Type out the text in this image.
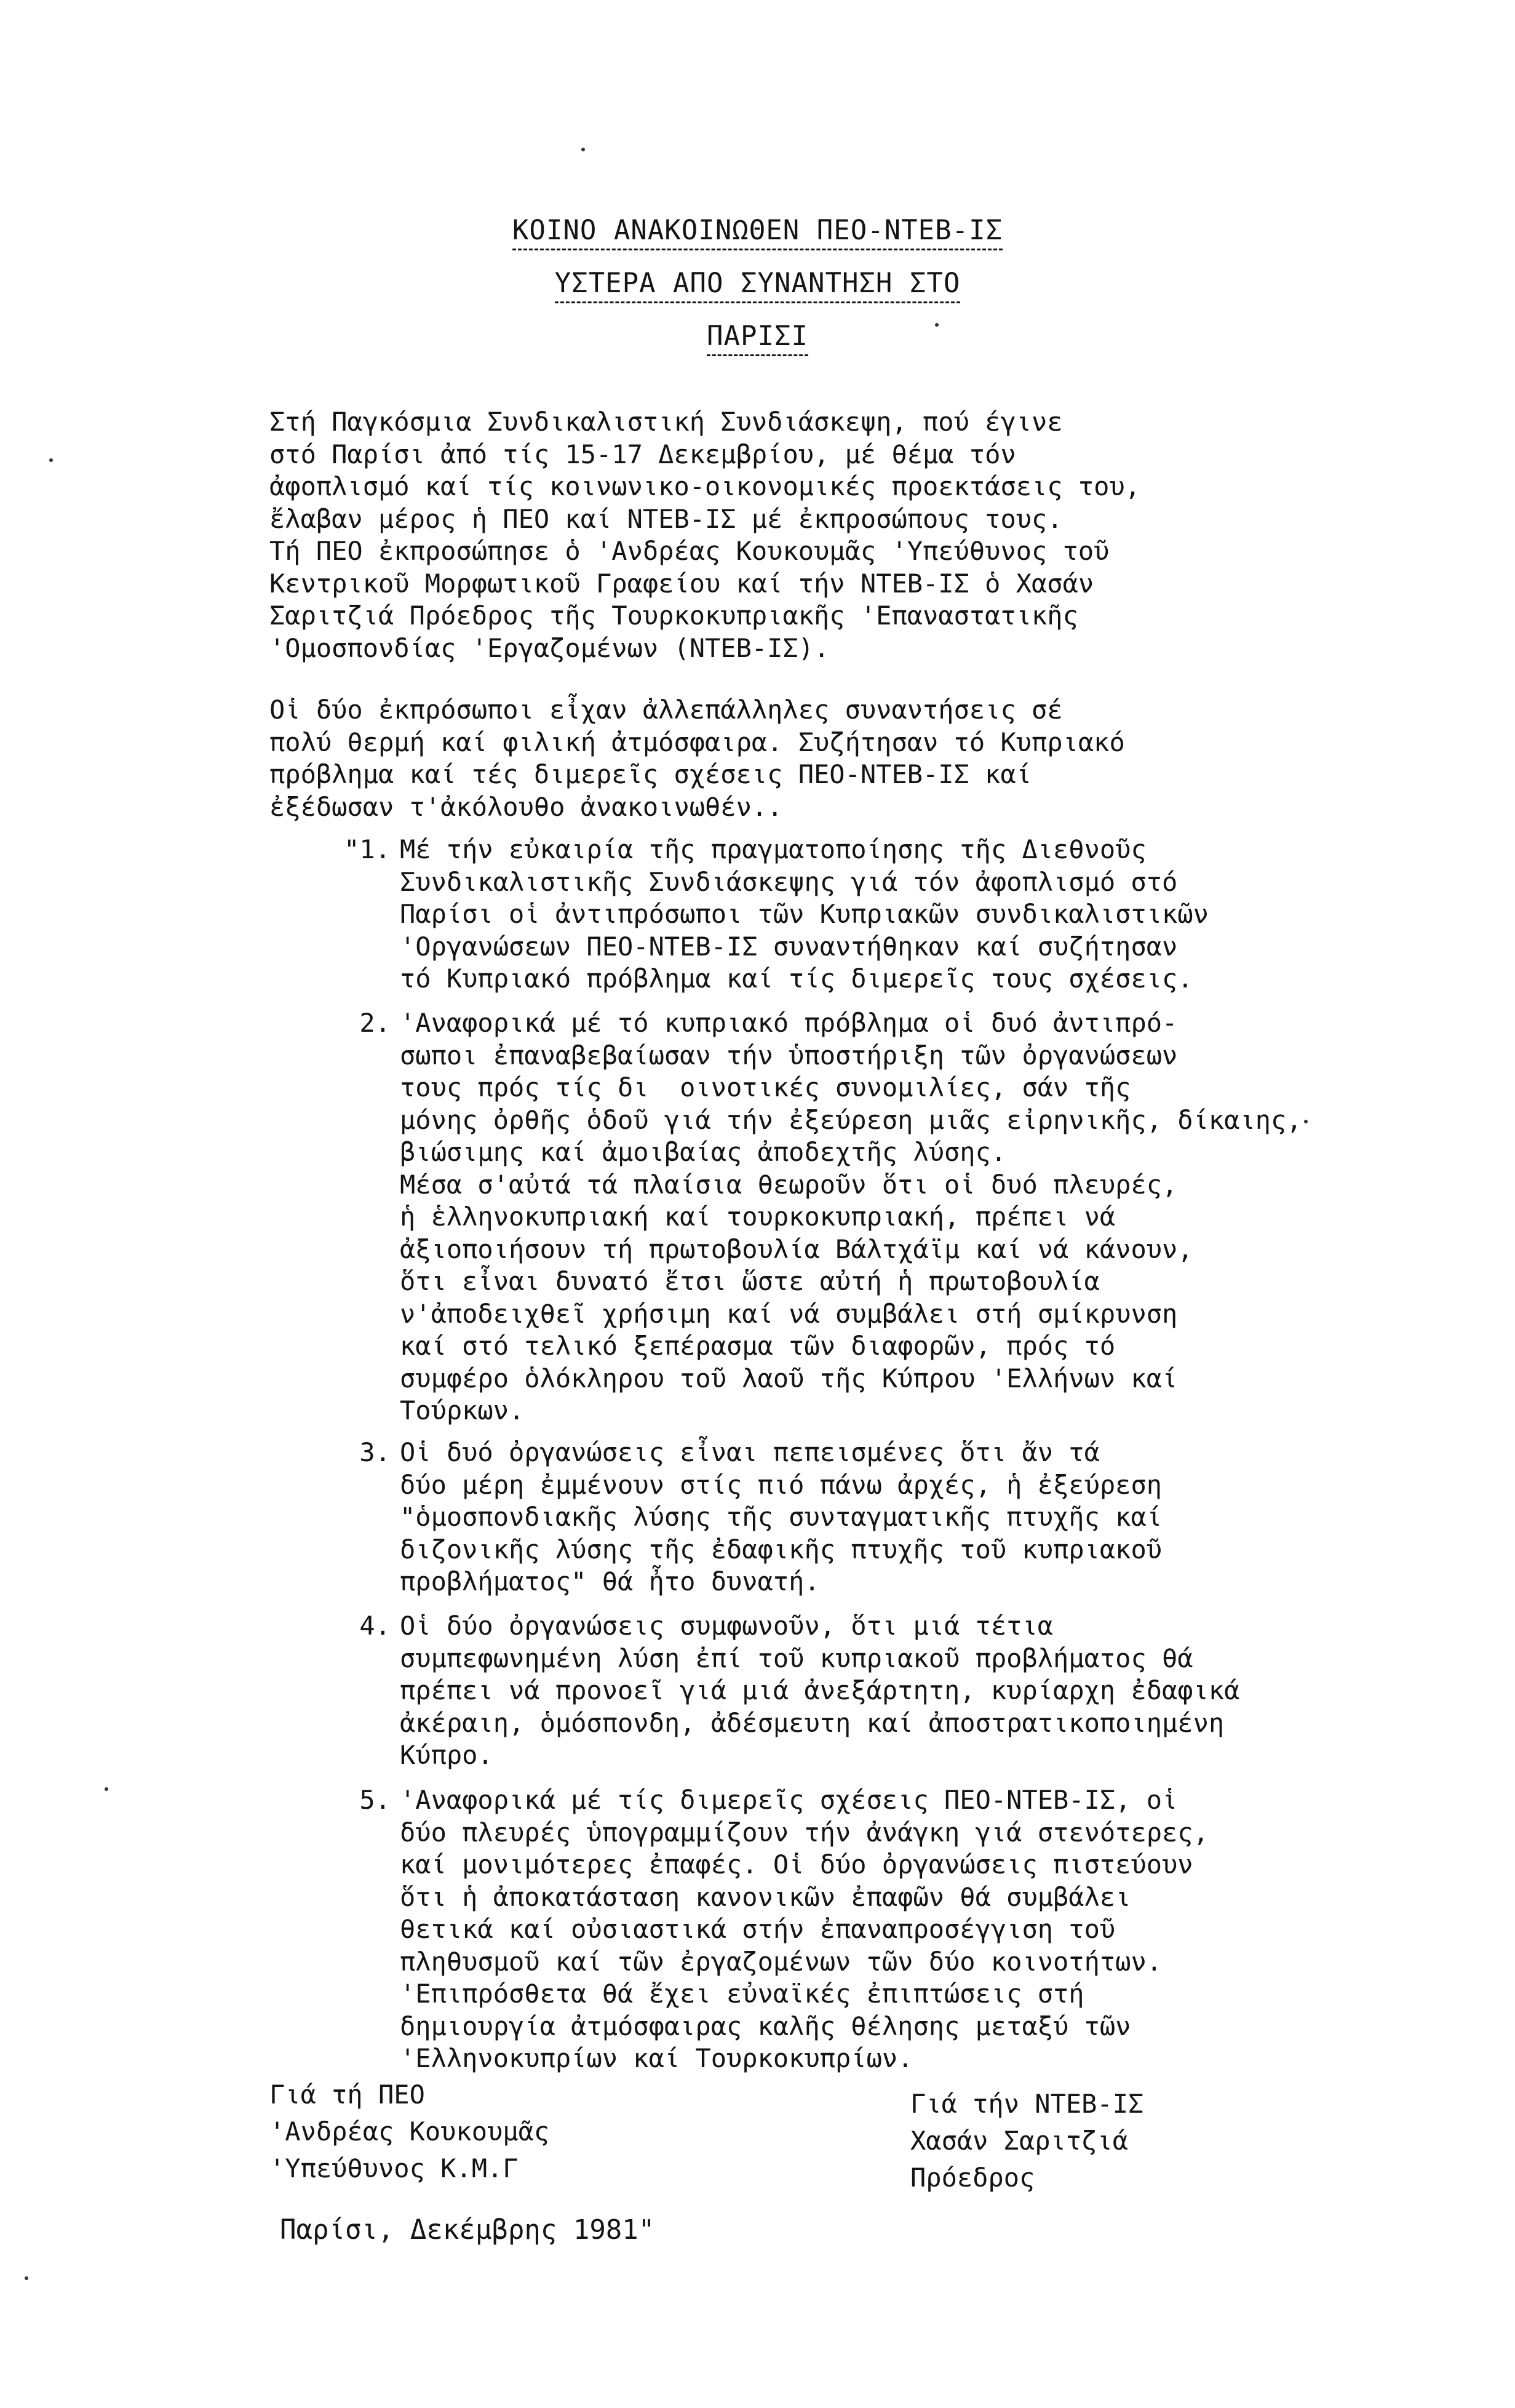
ΚΟΙΝΟ ΑΝΑΚΟΙΝΩΘΕΝ ΠΕΟ-ΝΤΕΒ-ΙΣ
ΥΣΤΕΡΑ ΑΠΟ ΣΥΝΑΝΤΗΣΗ ΣΤΟ
ΠΑΡΙΣΙ

Στή Παγκόσμια Συνδικαλιστική Συνδιάσκεψη, πού έγινε
στό Παρίσι ἀπό τίς 15-17 Δεκεμβρίου, μέ θέμα τόν
ἀφοπλισμό καί τίς κοινωνικο-οικονομικές προεκτάσεις του,
ἔλαβαν μέρος ἡ ΠΕΟ καί ΝΤΕΒ-ΙΣ μέ ἐκπροσώπους τους.
Τή ΠΕΟ ἐκπροσώπησε ὁ 'Ανδρέας Κουκουμᾶς 'Υπεύθυνος τοῦ
Κεντρικοῦ Μορφωτικοῦ Γραφείου καί τήν ΝΤΕΒ-ΙΣ ὁ Χασάν
Σαριτζιά Πρόεδρος τῆς Τουρκοκυπριακῆς 'Επαναστατικῆς
'Ομοσπονδίας 'Εργαζομένων (ΝΤΕΒ-ΙΣ).

Οἱ δύο ἐκπρόσωποι εἶχαν ἀλλεπάλληλες συναντήσεις σέ
πολύ θερμή καί φιλική ἀτμόσφαιρα. Συζήτησαν τό Κυπριακό
πρόβλημα καί τές διμερεῖς σχέσεις ΠΕΟ-ΝΤΕΒ-ΙΣ καί
ἐξέδωσαν τ'ἀκόλουθο ἀνακοινωθέν..

"1. Μέ τήν εὐκαιρία τῆς πραγματοποίησης τῆς Διεθνοῦς
Συνδικαλιστικῆς Συνδιάσκεψης γιά τόν ἀφοπλισμό στό
Παρίσι οἱ ἀντιπρόσωποι τῶν Κυπριακῶν συνδικαλιστικῶν
'Οργανώσεων ΠΕΟ-ΝΤΕΒ-ΙΣ συναντήθηκαν καί συζήτησαν
τό Κυπριακό πρόβλημα καί τίς διμερεῖς τους σχέσεις.
2. 'Αναφορικά μέ τό κυπριακό πρόβλημα οἱ δυό ἀντιπρό-
σωποι ἐπαναβεβαίωσαν τήν ὑποστήριξη τῶν ὀργανώσεων
τους πρός τίς δι  οινοτικές συνομιλίες, σάν τῆς
μόνης ὀρθῆς ὁδοῦ γιά τήν ἐξεύρεση μιᾶς εἰρηνικῆς, δίκαιης,
βιώσιμης καί ἀμοιβαίας ἀποδεχτῆς λύσης.
Μέσα σ'αὐτά τά πλαίσια θεωροῦν ὅτι οἱ δυό πλευρές,
ἡ ἑλληνοκυπριακή καί τουρκοκυπριακή, πρέπει νά
ἀξιοποιήσουν τή πρωτοβουλία Βάλτχάϊμ καί νά κάνουν,
ὅτι εἶναι δυνατό ἔτσι ὥστε αὐτή ἡ πρωτοβουλία
ν'ἀποδειχθεῖ χρήσιμη καί νά συμβάλει στή σμίκρυνση
καί στό τελικό ξεπέρασμα τῶν διαφορῶν, πρός τό
συμφέρο ὁλόκληρου τοῦ λαοῦ τῆς Κύπρου 'Ελλήνων καί
Τούρκων.
3. Οἱ δυό ὀργανώσεις εἶναι πεπεισμένες ὅτι ἄν τά
δύο μέρη ἐμμένουν στίς πιό πάνω ἀρχές, ἡ ἐξεύρεση
"ὁμοσπονδιακῆς λύσης τῆς συνταγματικῆς πτυχῆς καί
διζονικῆς λύσης τῆς ἐδαφικῆς πτυχῆς τοῦ κυπριακοῦ
προβλήματος" θά ἦτο δυνατή.
4. Οἱ δύο ὀργανώσεις συμφωνοῦν, ὅτι μιά τέτια
συμπεφωνημένη λύση ἐπί τοῦ κυπριακοῦ προβλήματος θά
πρέπει νά προνοεῖ γιά μιά ἀνεξάρτητη, κυρίαρχη ἐδαφικά
ἀκέραιη, ὁμόσπονδη, ἀδέσμευτη καί ἀποστρατικοποιημένη
Κύπρο.
5. 'Αναφορικά μέ τίς διμερεῖς σχέσεις ΠΕΟ-ΝΤΕΒ-ΙΣ, οἱ
δύο πλευρές ὑπογραμμίζουν τήν ἀνάγκη γιά στενότερες,
καί μονιμότερες ἐπαφές. Οἱ δύο ὀργανώσεις πιστεύουν
ὅτι ἡ ἀποκατάσταση κανονικῶν ἐπαφῶν θά συμβάλει
θετικά καί οὐσιαστικά στήν ἐπαναπροσέγγιση τοῦ
πληθυσμοῦ καί τῶν ἐργαζομένων τῶν δύο κοινοτήτων.
'Επιπρόσθετα θά ἔχει εὐναϊκές ἐπιπτώσεις στή
δημιουργία ἀτμόσφαιρας καλῆς θέλησης μεταξύ τῶν
'Ελληνοκυπρίων καί Τουρκοκυπρίων.
Γιά τή ΠΕΟ
'Ανδρέας Κουκουμᾶς
'Υπεύθυνος Κ.Μ.Γ
Γιά τήν ΝΤΕΒ-ΙΣ
Χασάν Σαριτζιά
Πρόεδρος
Παρίσι, Δεκέμβρης 1981"
